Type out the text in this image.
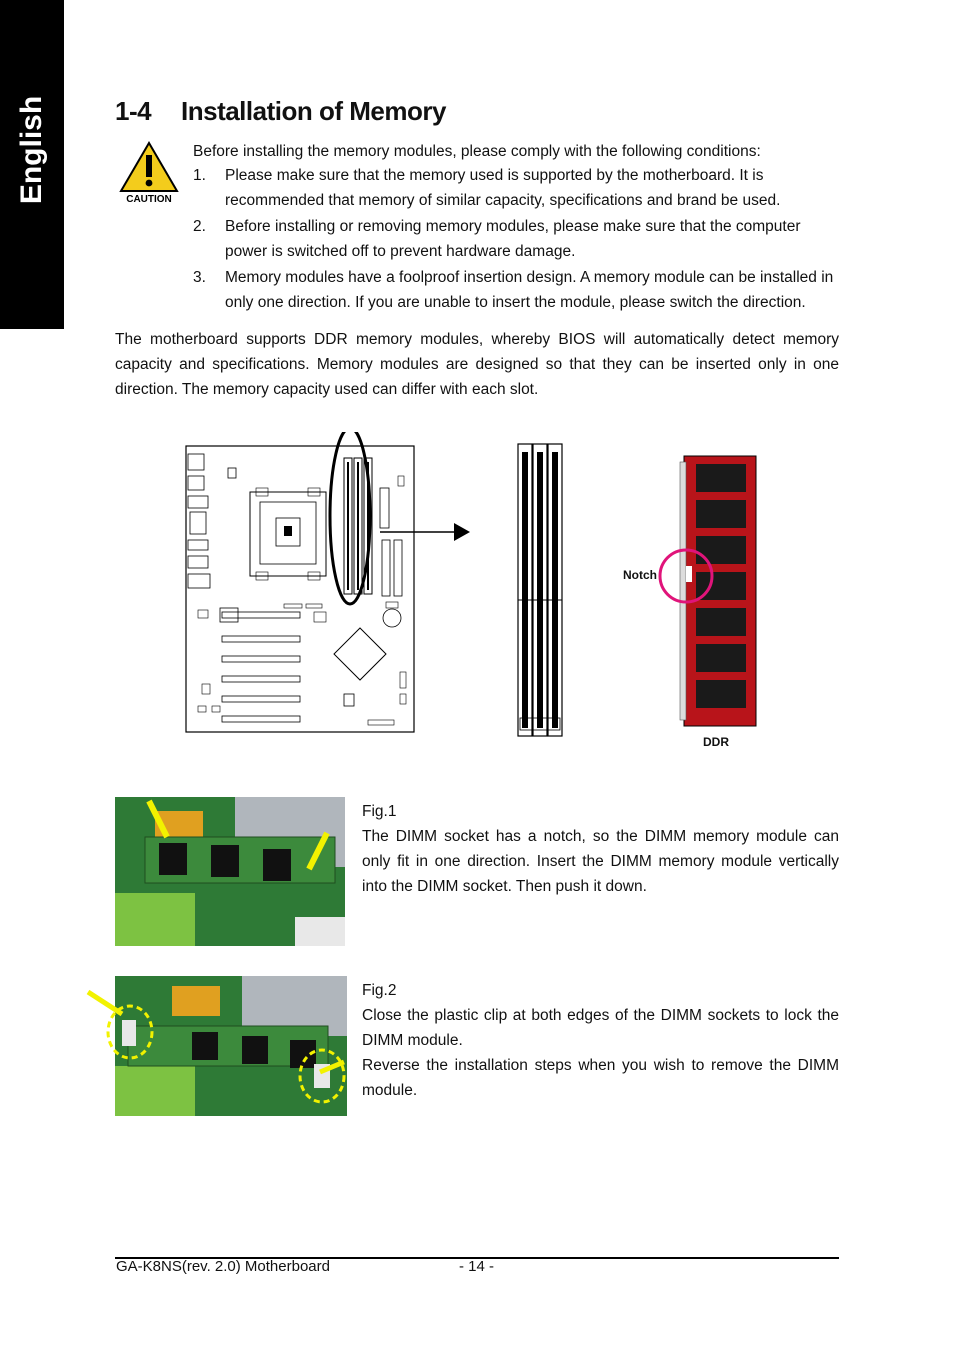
English	1-4 Installation of Memory
CAUTION
Before installing the memory modules, please comply with the following conditions:
1. Please make sure that the memory used is supported by the motherboard. It is recommended that memory of similar capacity, specifications and brand be used.
2. Before installing or removing memory modules, please make sure that the computer power is switched off to prevent hardware damage.
3. Memory modules have a foolproof insertion design. A memory module can be installed in only one direction. If you are unable to insert the module, please switch the direction.
The motherboard supports DDR memory modules, whereby BIOS will automatically detect memory capacity and specifications. Memory modules are designed so that they can be inserted only in one direction. The memory capacity used can differ with each slot.
Notch
DDR
Fig.1
The DIMM socket has a notch, so the DIMM memory module can only fit in one direction. Insert the DIMM memory module vertically into the DIMM socket. Then push it down.
Fig.2
Close the plastic clip at both edges of the DIMM sockets to lock the DIMM module.
Reverse the installation steps when you wish to remove the DIMM module.
GA-K8NS(rev. 2.0) Motherboard	- 14 -
